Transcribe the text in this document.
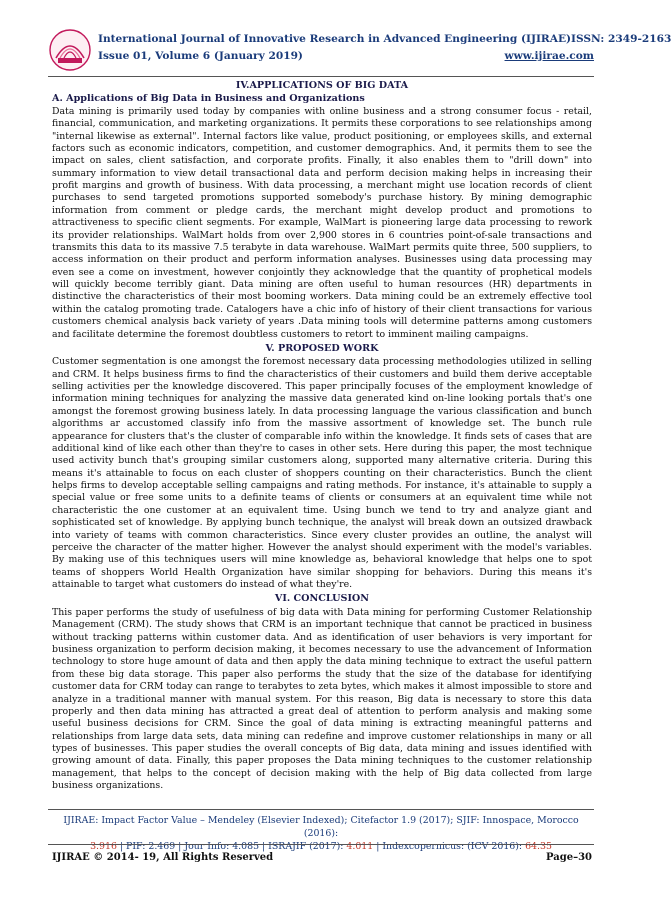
International Journal of Innovative Research in Advanced Engineering (IJIRAE) ISSN: 2349-2163
Issue 01, Volume 6 (January 2019)	www.ijirae.com
IV.APPLICATIONS OF BIG DATA
A. Applications of Big Data in Business and Organizations

Data mining is primarily used today by companies with online business and a strong consumer focus - retail, financial, communication, and marketing organizations. It permits these corporations to see relationships among "internal likewise as external". Internal factors like value, product positioning, or employees skills, and external factors such as economic indicators, competition, and customer demographics. And, it permits them to see the impact on sales, client satisfaction, and corporate profits. Finally, it also enables them to "drill down" into summary information to view detail transactional data and perform decision making helps in increasing their profit margins and growth of business. With data processing, a merchant might use location records of client purchases to send targeted promotions supported somebody's purchase history. By mining demographic information from comment or pledge cards, the merchant might develop product and promotions to attractiveness to specific client segments. For example, WalMart is pioneering large data processing to rework its provider relationships. WalMart holds from over 2,900 stores in 6 countries point-of-sale transactions and transmits this data to its massive 7.5 terabyte in data warehouse. WalMart permits quite three, 500 suppliers, to access information on their product and perform information analyses. Businesses using data processing may even see a come on investment, however conjointly they acknowledge that the quantity of prophetical models will quickly become terribly giant. Data mining are often useful to human resources (HR) departments in distinctive the characteristics of their most booming workers. Data mining could be an extremely effective tool within the catalog promoting trade. Catalogers have a chic info of history of their client transactions for various customers chemical analysis back variety of years .Data mining tools will determine patterns among customers and facilitate determine the foremost doubtless customers to retort to imminent mailing campaigns.

V. PROPOSED WORK

Customer segmentation is one amongst the foremost necessary data processing methodologies utilized in selling and CRM. It helps business firms to find the characteristics of their customers and build them derive acceptable selling activities per the knowledge discovered. This paper principally focuses of the employment knowledge of information mining techniques for analyzing the massive data generated kind on-line looking portals that's one amongst the foremost growing business lately. In data processing language the various classification and bunch algorithms ar accustomed classify info from the massive assortment of knowledge set. The bunch rule appearance for clusters that's the cluster of comparable info within the knowledge. It finds sets of cases that are additional kind of like each other than they're to cases in other sets. Here during this paper, the most technique used activity bunch that's grouping similar customers along, supported many alternative criteria. During this means it's attainable to focus on each cluster of shoppers counting on their characteristics. Bunch the client helps firms to develop acceptable selling campaigns and rating methods. For instance, it's attainable to supply a special value or free some units to a definite teams of clients or consumers at an equivalent time while not characteristic the one customer at an equivalent time. Using bunch we tend to try and analyze giant and sophisticated set of knowledge. By applying bunch technique, the analyst will break down an outsized drawback into variety of teams with common characteristics. Since every cluster provides an outline, the analyst will perceive the character of the matter higher. However the analyst should experiment with the model's variables. By making use of this techniques users will mine knowledge as, behavioral knowledge that helps one to spot teams of shoppers World Health Organization have similar shopping for behaviors. During this means it's attainable to target what customers do instead of what they're.

VI. CONCLUSION

This paper performs the study of usefulness of big data with Data mining for performing Customer Relationship Management (CRM). The study shows that CRM is an important technique that cannot be practiced in business without tracking patterns within customer data. And as identification of user behaviors is very important for business organization to perform decision making, it becomes necessary to use the advancement of Information technology to store huge amount of data and then apply the data mining technique to extract the useful pattern from these big data storage. This paper also performs the study that the size of the database for identifying customer data for CRM today can range to terabytes to zeta bytes, which makes it almost impossible to store and analyze in a traditional manner with manual system. For this reason, Big data is necessary to store this data properly and then data mining has attracted a great deal of attention to perform analysis and making some useful business decisions for CRM. Since the goal of data mining is extracting meaningful patterns and relationships from large data sets, data mining can redefine and improve customer relationships in many or all types of businesses. This paper studies the overall concepts of Big data, data mining and issues identified with growing amount of data. Finally, this paper proposes the Data mining techniques to the customer relationship management, that helps to the concept of decision making with the help of Big data collected from large business organizations.

IJIRAE: Impact Factor Value – Mendeley (Elsevier Indexed); Citefactor 1.9 (2017); SJIF: Innospace, Morocco (2016):
3.916 | PIF: 2.469 | Jour Info: 4.085 | ISRAJIF (2017): 4.011 | Indexcopernicus: (ICV 2016): 64.35
IJIRAE © 2014- 19, All Rights Reserved	Page–30
